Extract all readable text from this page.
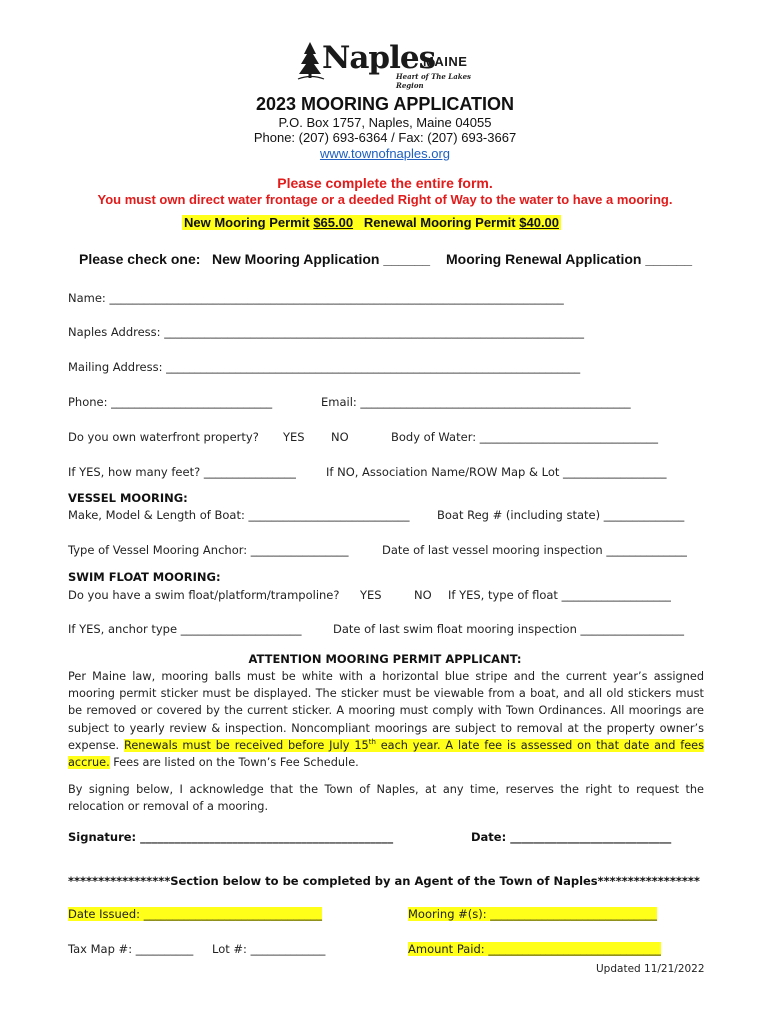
Naples
MAINE
Heart of The Lakes Region
2023 MOORING APPLICATION
P.O. Box 1757, Naples, Maine 04055
Phone: (207) 693-6364 / Fax: (207) 693-3667
www.townofnaples.org
Please complete the entire form.
You must own direct water frontage or a deeded Right of Way to the water to have a mooring.
New Mooring Permit $65.00 Renewal Mooring Permit $40.00
Please check one: New Mooring Application ______ Mooring Renewal Application ______
Name: _______________________________________________________________________________
Naples Address: _________________________________________________________________________
Mailing Address: ________________________________________________________________________
Phone: ____________________________	Email: _______________________________________________
Do you own waterfront property? YES NO	Body of Water: _______________________________
If YES, how many feet? ________________	If NO, Association Name/ROW Map & Lot __________________
VESSEL MOORING:
Make, Model & Length of Boat: ____________________________ Boat Reg # (including state) ______________
Type of Vessel Mooring Anchor: _________________	Date of last vessel mooring inspection ______________
SWIM FLOAT MOORING:
Do you have a swim float/platform/trampoline? YES	NO If YES, type of float ___________________
If YES, anchor type _____________________	Date of last swim float mooring inspection __________________
ATTENTION MOORING PERMIT APPLICANT:
Per Maine law, mooring balls must be white with a horizontal blue stripe and the current year’s assigned mooring permit sticker must be displayed. The sticker must be viewable from a boat, and all old stickers must be removed or covered by the current sticker. A mooring must comply with Town Ordinances. All moorings are subject to yearly review & inspection. Noncompliant moorings are subject to removal at the property owner’s expense. Renewals must be received before July 15th each year. A late fee is assessed on that date and fees accrue. Fees are listed on the Town’s Fee Schedule.
By signing below, I acknowledge that the Town of Naples, at any time, reserves the right to request the relocation or removal of a mooring.
Signature: ____________________________________________	Date: ____________________________
*****************Section below to be completed by an Agent of the Town of Naples*****************
Date Issued: _______________________________	Mooring #(s): _____________________________
Tax Map #: __________ Lot #: _____________	Amount Paid: ______________________________
Updated 11/21/2022
